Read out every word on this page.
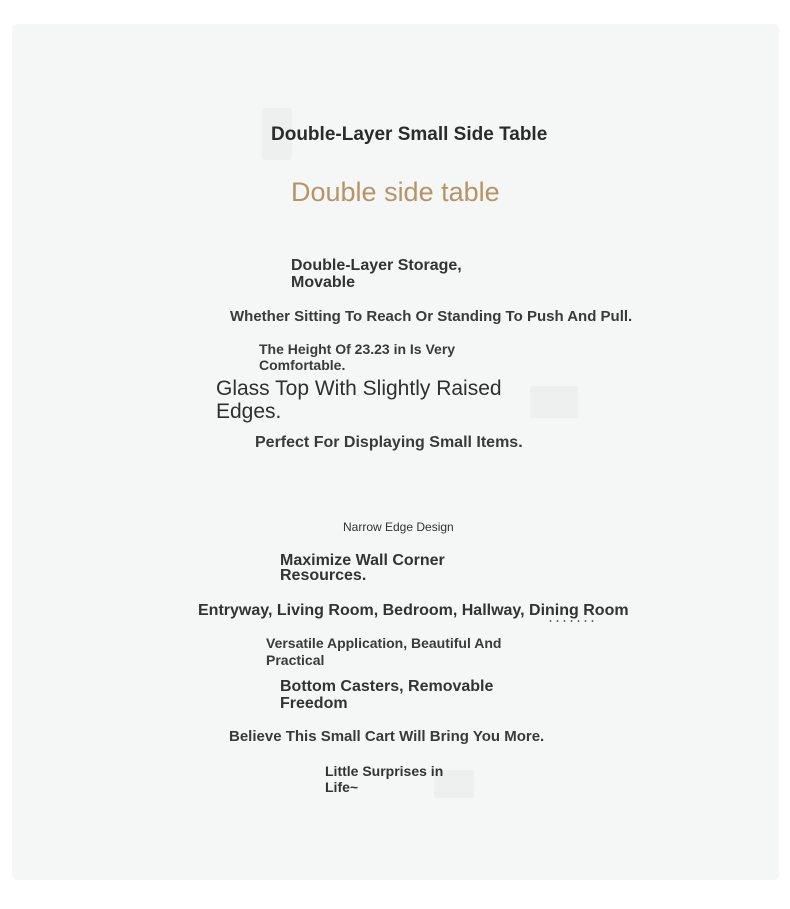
Double-Layer Small Side Table
Double side table
Double-Layer Storage, Movable
Whether Sitting To Reach Or Standing To Push And Pull.
The Height Of 23.23 in Is Very Comfortable.
Glass Top With Slightly Raised Edges.
Perfect For Displaying Small Items.
Narrow Edge Design
Maximize Wall Corner Resources.
Entryway, Living Room, Bedroom, Hallway, Dining Room
Versatile Application, Beautiful And Practical
Bottom Casters, Removable Freedom
Believe This Small Cart Will Bring You More.
Little Surprises in Life~
